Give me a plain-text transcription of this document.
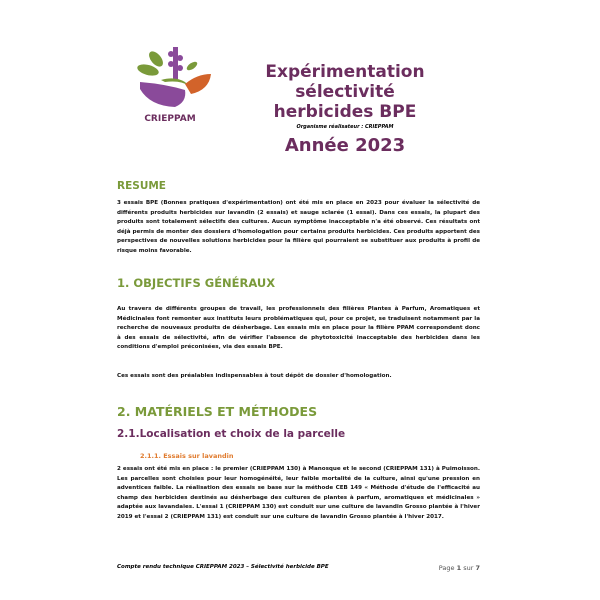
CRIEPPAM
Expérimentation sélectivité
herbicides BPE
Organisme réalisateur : CRIEPPAM
Année 2023
RESUME
3 essais BPE (Bonnes pratiques d'expérimentation) ont été mis en place en 2023 pour évaluer la sélectivité de différents produits herbicides sur lavandin (2 essais) et sauge sclarée (1 essai). Dans ces essais, la plupart des produits sont totalement sélectifs des cultures. Aucun symptôme inacceptable n'a été observé. Ces résultats ont déjà permis de monter des dossiers d'homologation pour certains produits herbicides. Ces produits apportent des perspectives de nouvelles solutions herbicides pour la filière qui pourraient se substituer aux produits à profil de risque moins favorable.
1. OBJECTIFS GÉNÉRAUX
Au travers de différents groupes de travail, les professionnels des filières Plantes à Parfum, Aromatiques et Médicinales font remonter aux instituts leurs problématiques qui, pour ce projet, se traduisent notamment par la recherche de nouveaux produits de désherbage. Les essais mis en place pour la filière PPAM correspondent donc à des essais de sélectivité, afin de vérifier l'absence de phytotoxicité inacceptable des herbicides dans les conditions d'emploi préconisées, via des essais BPE.
Ces essais sont des préalables indispensables à tout dépôt de dossier d'homologation.
2. MATÉRIELS ET MÉTHODES
2.1.Localisation et choix de la parcelle
2.1.1. Essais sur lavandin
2 essais ont été mis en place : le premier (CRIEPPAM 130) à Manosque et le second (CRIEPPAM 131) à Puimoisson. Les parcelles sont choisies pour leur homogénéité, leur faible mortalité de la culture, ainsi qu'une pression en adventices faible. La réalisation des essais se base sur la méthode CEB 149 « Méthode d'étude de l'efficacité au champ des herbicides destinés au désherbage des cultures de plantes à parfum, aromatiques et médicinales » adaptée aux lavandaies. L'essai 1 (CRIEPPAM 130) est conduit sur une culture de lavandin Grosso plantée à l'hiver 2019 et l'essai 2 (CRIEPPAM 131) est conduit sur une culture de lavandin Grosso plantée à l'hiver 2017.
Compte rendu technique CRIEPPAM 2023 – Sélectivité herbicide BPE	Page 1 sur 7
